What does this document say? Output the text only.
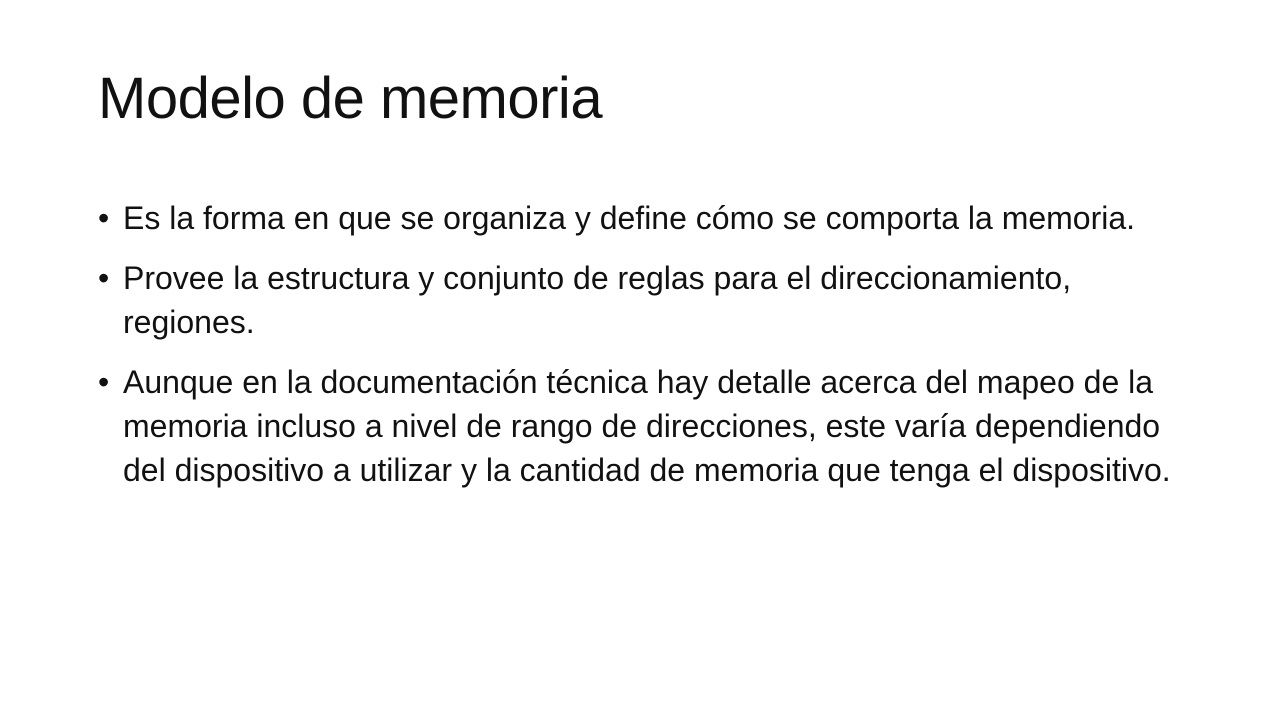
Modelo de memoria
• Es la forma en que se organiza y define cómo se comporta la memoria.
• Provee la estructura y conjunto de reglas para el direccionamiento, regiones.
• Aunque en la documentación técnica hay detalle acerca del mapeo de la memoria incluso a nivel de rango de direcciones, este varía dependiendo del dispositivo a utilizar y la cantidad de memoria que tenga el dispositivo.
